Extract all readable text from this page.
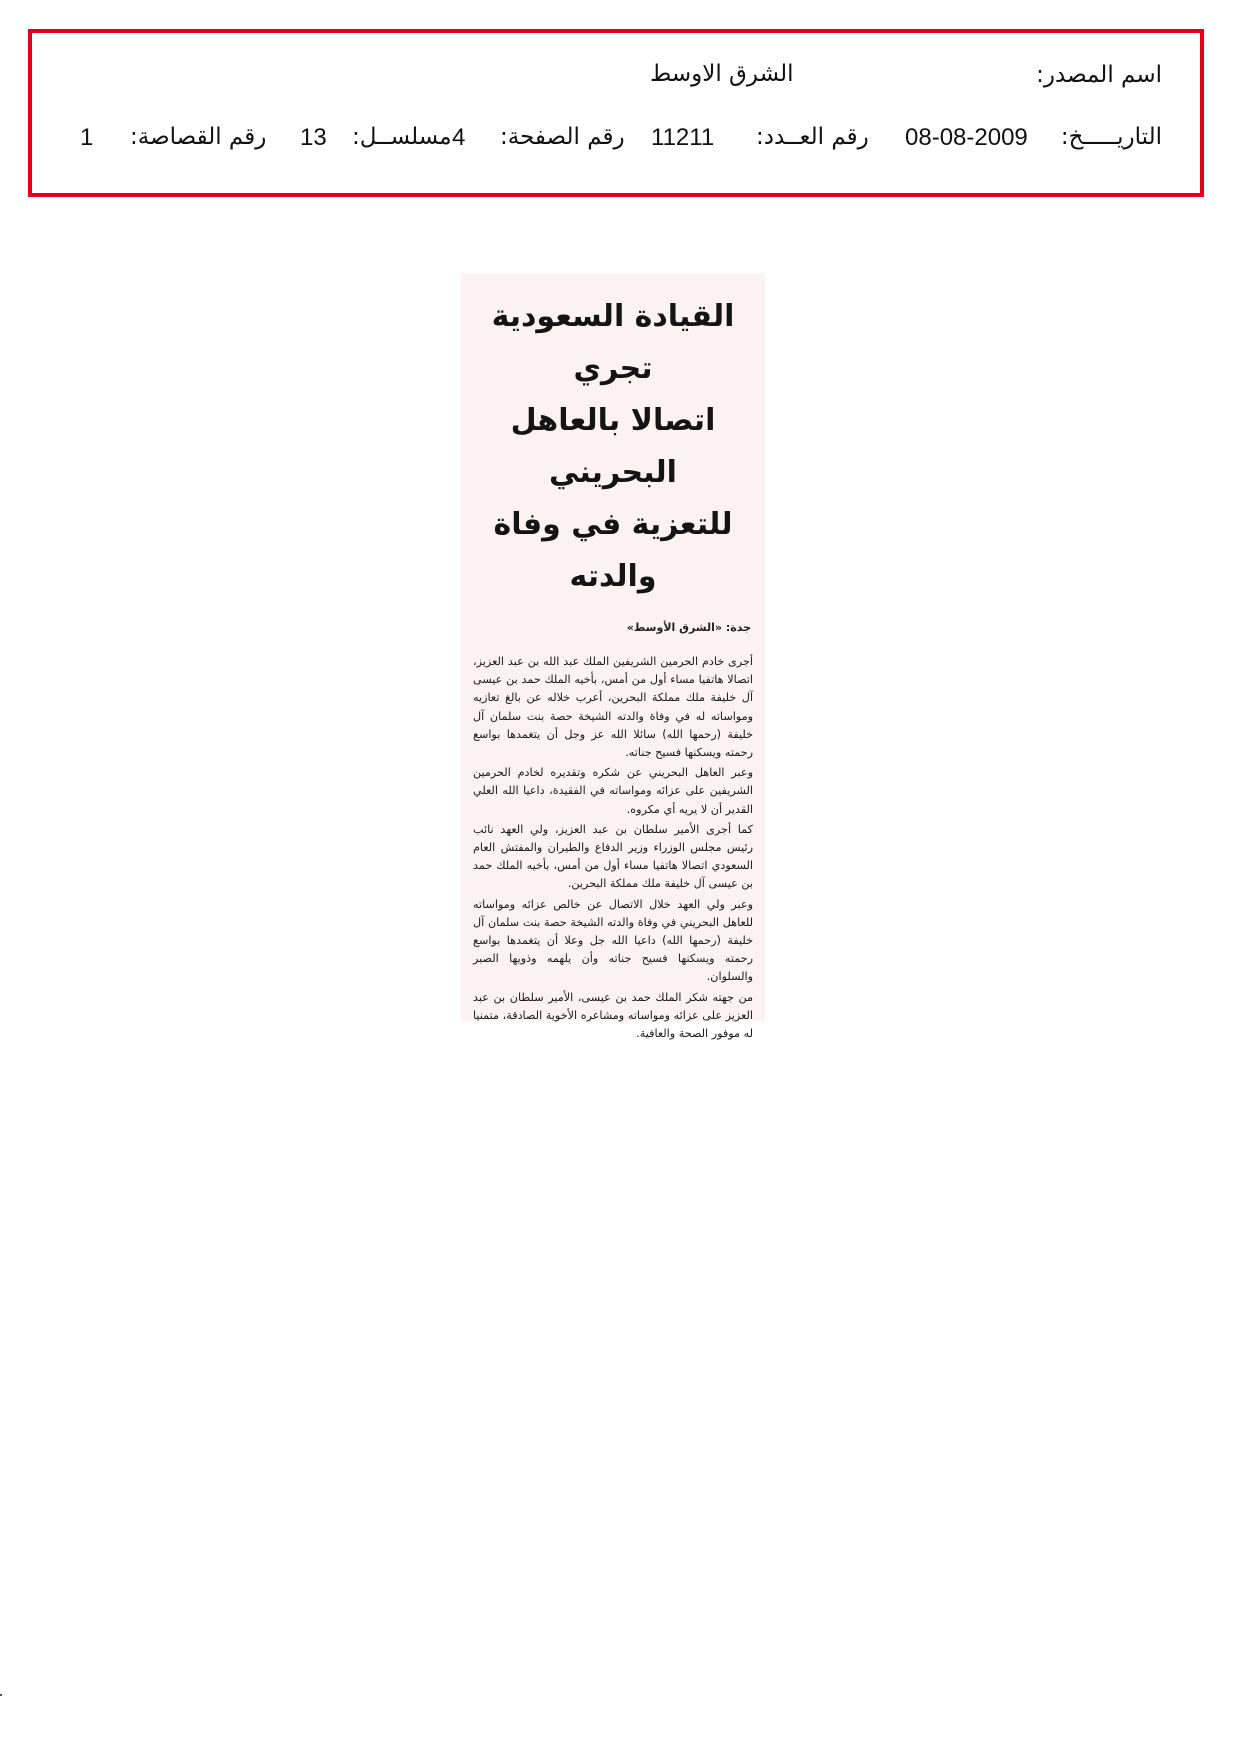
اسم المصدر:
الشرق الاوسط
التاريـــــخ:
08-08-2009
رقم العــدد:
11211
رقم الصفحة:
4
مسلســل:
13
رقم القصاصة:
1
القيادة السعودية تجري
اتصالا بالعاهل البحريني
للتعزية في وفاة والدته
جدة: «الشرق الأوسط»

أجرى خادم الحرمين الشريفين الملك عبد الله بن عبد العزيز، اتصالا هاتفيا مساء أول من أمس، بأخيه الملك حمد بن عيسى آل خليفة ملك مملكة البحرين، أعرب خلاله عن بالغ تعازيه ومواساته له في وفاة والدته الشيخة حصة بنت سلمان آل خليفة (رحمها الله) سائلا الله عز وجل أن يتغمدها بواسع رحمته ويسكنها فسيح جناته.

وعبر العاهل البحريني عن شكره وتقديره لخادم الحرمين الشريفين على عزائه ومواساته في الفقيدة، داعيا الله العلي القدير أن لا يريه أي مكروه.

كما أجرى الأمير سلطان بن عبد العزيز، ولي العهد نائب رئيس مجلس الوزراء وزير الدفاع والطيران والمفتش العام السعودي اتصالا هاتفيا مساء أول من أمس، بأخيه الملك حمد بن عيسى آل خليفة ملك مملكة البحرين.

وعبر ولي العهد خلال الاتصال عن خالص عزائه ومواساته للعاهل البحريني في وفاة والدته الشيخة حصة بنت سلمان آل خليفة (رحمها الله) داعيا الله جل وعلا أن يتغمدها بواسع رحمته ويسكنها فسيح جناته وأن يلهمه وذويها الصبر والسلوان.

من جهته شكر الملك حمد بن عيسى، الأمير سلطان بن عبد العزيز على عزائه ومواساته ومشاعره الأخوية الصادقة، متمنيا له موفور الصحة والعافية.
